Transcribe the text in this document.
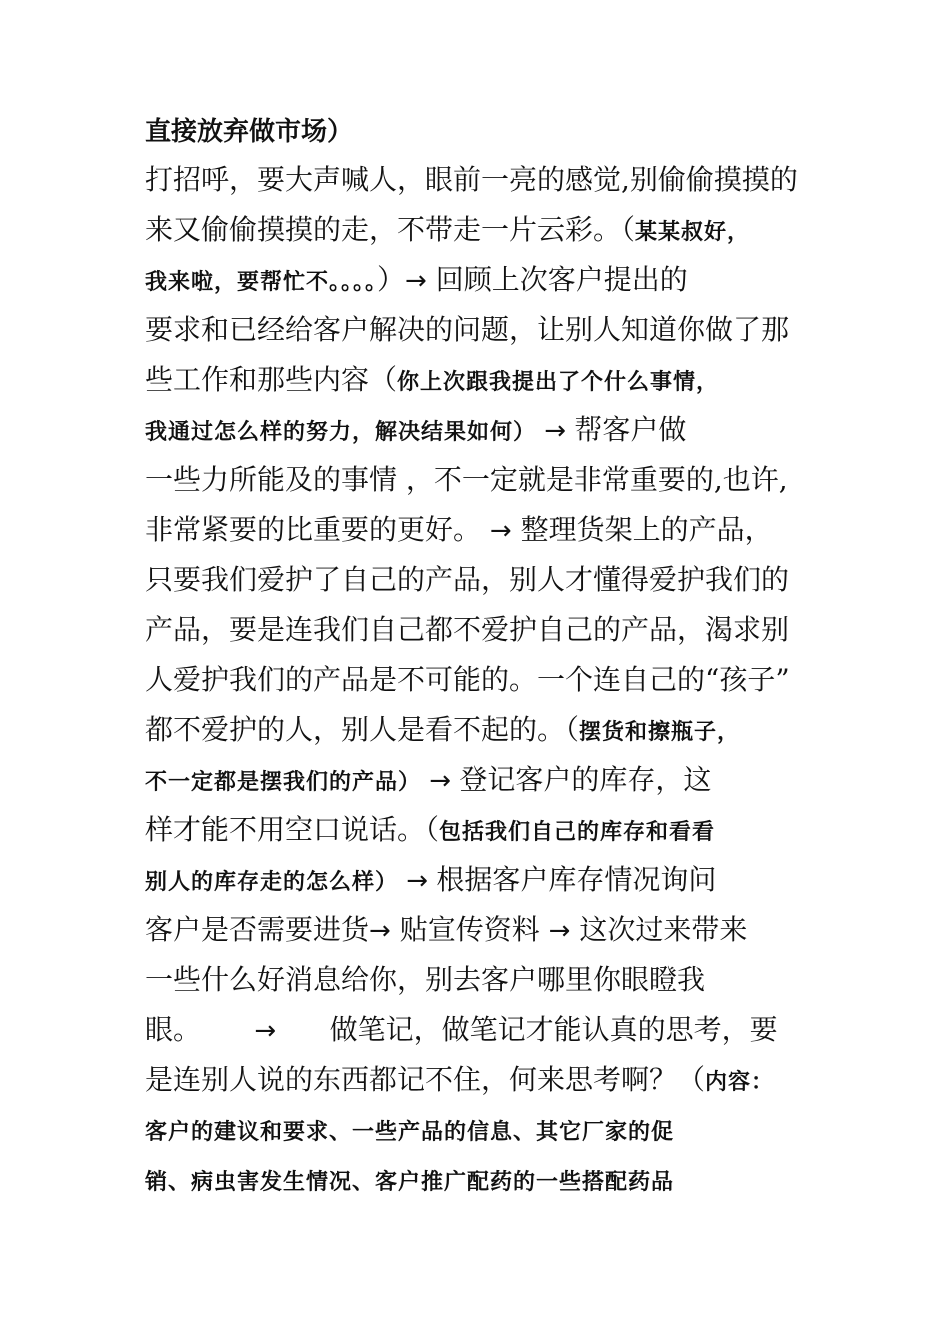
直接放弃做市场）
打招呼，要大声喊人，眼前一亮的感觉,别偷偷摸摸的
来又偷偷摸摸的走，不带走一片云彩。（某某叔好，
我来啦，要帮忙不。。。。）→ 回顾上次客户提出的
要求和已经给客户解决的问题，让别人知道你做了那
些工作和那些内容（你上次跟我提出了个什么事情，
我通过怎么样的努力，解决结果如何） → 帮客户做
一些力所能及的事情 ，不一定就是非常重要的,也许,
非常紧要的比重要的更好。 → 整理货架上的产品，
只要我们爱护了自己的产品，别人才懂得爱护我们的
产品，要是连我们自己都不爱护自己的产品，渴求别
人爱护我们的产品是不可能的。一个连自己的“孩子”
都不爱护的人，别人是看不起的。（摆货和擦瓶子，
不一定都是摆我们的产品） → 登记客户的库存，这
样才能不用空口说话。（包括我们自己的库存和看看
别人的库存走的怎么样） → 根据客户库存情况询问
客户是否需要进货→ 贴宣传资料 → 这次过来带来
一些什么好消息给你，别去客户哪里你眼瞪我
眼。      →      做笔记，做笔记才能认真的思考，要
是连别人说的东西都记不住，何来思考啊？（内容：
客户的建议和要求、一些产品的信息、其它厂家的促
销、病虫害发生情况、客户推广配药的一些搭配药品
